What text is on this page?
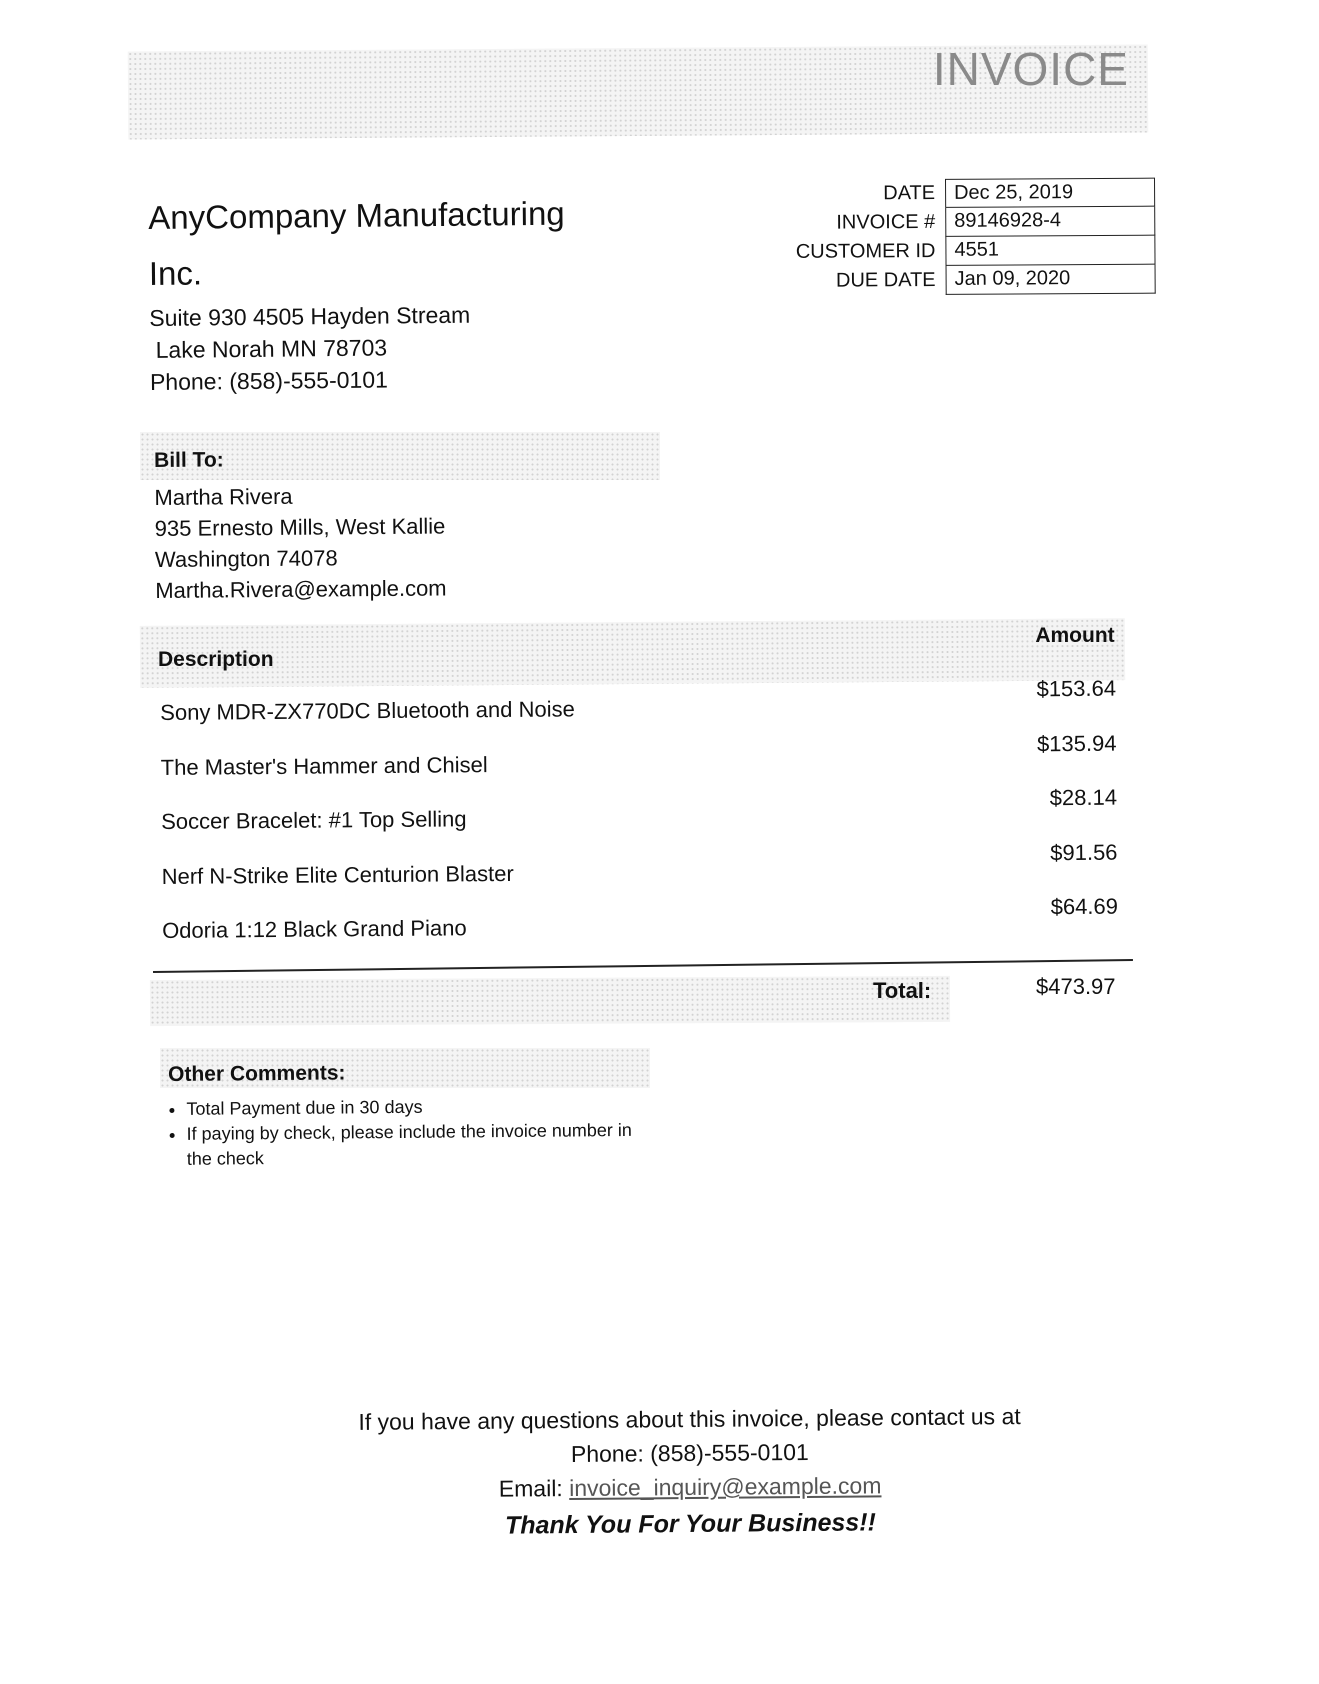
INVOICE
AnyCompany Manufacturing Inc.
Suite 930 4505 Hayden Stream
Lake Norah MN 78703
Phone: (858)-555-0101
DATE Dec 25, 2019
INVOICE # 89146928-4
CUSTOMER ID 4551
DUE DATE Jan 09, 2020
Bill To:
Martha Rivera
935 Ernesto Mills, West Kallie
Washington 74078
Martha.Rivera@example.com
Description
Amount
Sony MDR-ZX770DC Bluetooth and Noise
$153.64
The Master's Hammer and Chisel
$135.94
Soccer Bracelet: #1 Top Selling
$28.14
Nerf N-Strike Elite Centurion Blaster
$91.56
Odoria 1:12 Black Grand Piano
$64.69
Total:	$473.97
Other Comments:
• Total Payment due in 30 days
• If paying by check, please include the invoice number in the check
If you have any questions about this invoice, please contact us at
Phone: (858)-555-0101
Email: invoice_inquiry@example.com
Thank You For Your Business!!
